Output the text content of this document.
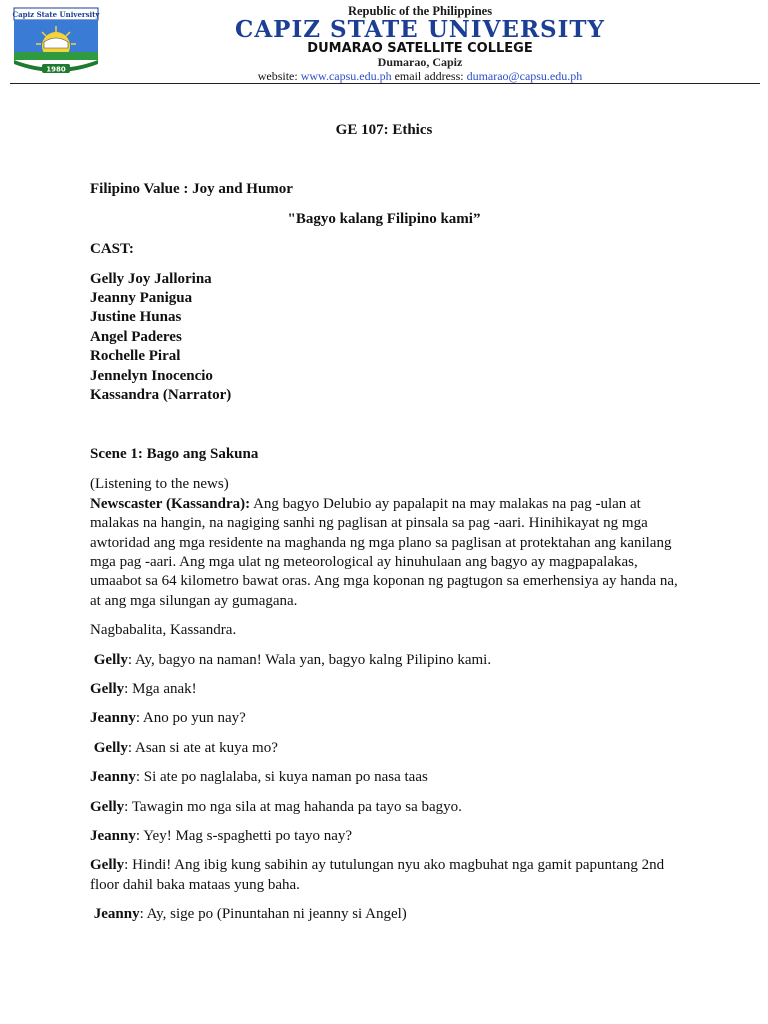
Capiz State University
1980
Republic of the Philippines
CAPIZ STATE UNIVERSITY
DUMARAO SATELLITE COLLEGE
Dumarao, Capiz
website: www.capsu.edu.ph email address: dumarao@capsu.edu.ph

GE 107: Ethics

Filipino Value : Joy and Humor

"Bagyo kalang Filipino kami”

CAST:

Gelly Joy Jallorina
Jeanny Panigua
Justine Hunas
Angel Paderes
Rochelle Piral
Jennelyn Inocencio
Kassandra (Narrator)

Scene 1: Bago ang Sakuna

(Listening to the news)

Newscaster (Kassandra): Ang bagyo Delubio ay papalapit na may malakas na pag -ulan at malakas na hangin, na nagiging sanhi ng paglisan at pinsala sa pag -aari. Hinihikayat ng mga awtoridad ang mga residente na maghanda ng mga plano sa paglisan at protektahan ang kanilang mga pag -aari. Ang mga ulat ng meteorological ay hinuhulaan ang bagyo ay magpapalakas, umaabot sa 64 kilometro bawat oras. Ang mga koponan ng pagtugon sa emerhensiya ay handa na, at ang mga silungan ay gumagana.

Nagbabalita, Kassandra.

Gelly: Ay, bagyo na naman! Wala yan, bagyo kalng Pilipino kami.

Gelly: Mga anak!

Jeanny: Ano po yun nay?

Gelly: Asan si ate at kuya mo?

Jeanny: Si ate po naglalaba, si kuya naman po nasa taas

Gelly: Tawagin mo nga sila at mag hahanda pa tayo sa bagyo.

Jeanny: Yey! Mag s-spaghetti po tayo nay?

Gelly: Hindi! Ang ibig kung sabihin ay tutulungan nyu ako magbuhat nga gamit papuntang 2nd floor dahil baka mataas yung baha.

Jeanny: Ay, sige po (Pinuntahan ni jeanny si Angel)
